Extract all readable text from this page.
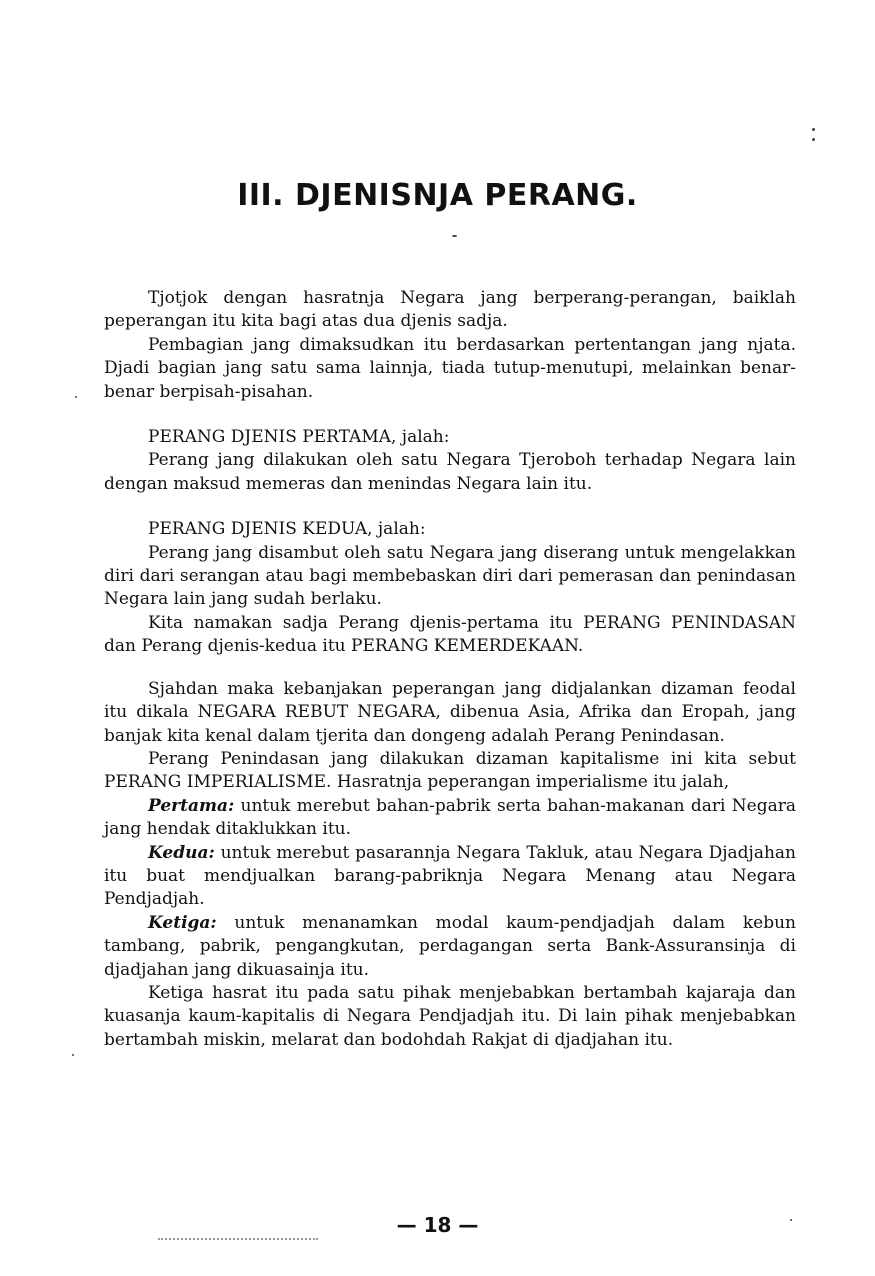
III. DJENISNJA PERANG.

Tjotjok dengan hasratnja Negara jang berperang-perangan, baiklah peperangan itu kita bagi atas dua djenis sadja.

Pembagian jang dimaksudkan itu berdasarkan pertentangan jang njata. Djadi bagian jang satu sama lainnja, tiada tutup-menutupi, melainkan benar-benar berpisah-pisahan.

PERANG DJENIS PERTAMA, jalah:

Perang jang dilakukan oleh satu Negara Tjeroboh terhadap Negara lain dengan maksud memeras dan menindas Negara lain itu.

PERANG DJENIS KEDUA, jalah:

Perang jang disambut oleh satu Negara jang diserang untuk mengelakkan diri dari serangan atau bagi membebaskan diri dari pemerasan dan penindasan Negara lain jang sudah berlaku.

Kita namakan sadja Perang djenis-pertama itu PERANG PENINDASAN dan Perang djenis-kedua itu PERANG KEMERDEKAAN.

Sjahdan maka kebanjakan peperangan jang didjalankan dizaman feodal itu dikala NEGARA REBUT NEGARA, dibenua Asia, Afrika dan Eropah, jang banjak kita kenal dalam tjerita dan dongeng adalah Perang Penindasan.

Perang Penindasan jang dilakukan dizaman kapitalisme ini kita sebut PERANG IMPERIALISME. Hasratnja peperangan imperialisme itu jalah,

Pertama: untuk merebut bahan-pabrik serta bahan-makanan dari Negara jang hendak ditaklukkan itu.

Kedua: untuk merebut pasarannja Negara Takluk, atau Negara Djadjahan itu buat mendjualkan barang-pabriknja Negara Menang atau Negara Pendjadjah.

Ketiga: untuk menanamkan modal kaum-pendjadjah dalam kebun tambang, pabrik, pengangkutan, perdagangan serta Bank-Assuransinja di djadjahan jang dikuasainja itu.

Ketiga hasrat itu pada satu pihak menjebabkan bertambah kajaraja dan kuasanja kaum-kapitalis di Negara Pendjadjah itu. Di lain pihak menjebabkan bertambah miskin, melarat dan bodohdah Rakjat di djadjahan itu.

— 18 —
